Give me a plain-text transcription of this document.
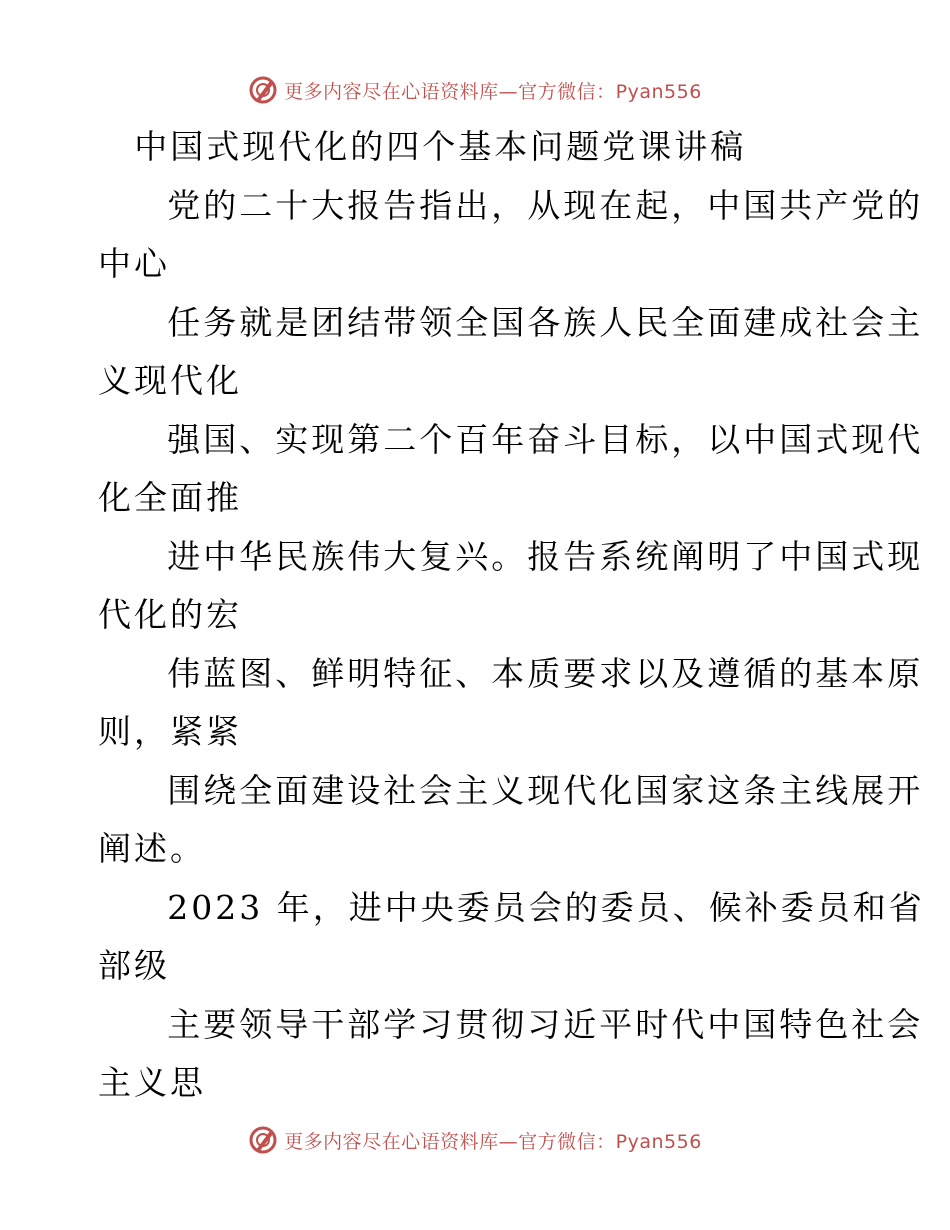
更多内容尽在心语资料库—官方微信：Pyan556

中国式现代化的四个基本问题党课讲稿

党的二十大报告指出，从现在起，中国共产党的

中心

任务就是团结带领全国各族人民全面建成社会主

义现代化

强国、实现第二个百年奋斗目标，以中国式现代

化全面推

进中华民族伟大复兴。报告系统阐明了中国式现

代化的宏

伟蓝图、鲜明特征、本质要求以及遵循的基本原

则，紧紧

围绕全面建设社会主义现代化国家这条主线展开

阐述。

2023 年，进中央委员会的委员、候补委员和省

部级

主要领导干部学习贯彻习近平时代中国特色社会

主义思

更多内容尽在心语资料库—官方微信：Pyan556
